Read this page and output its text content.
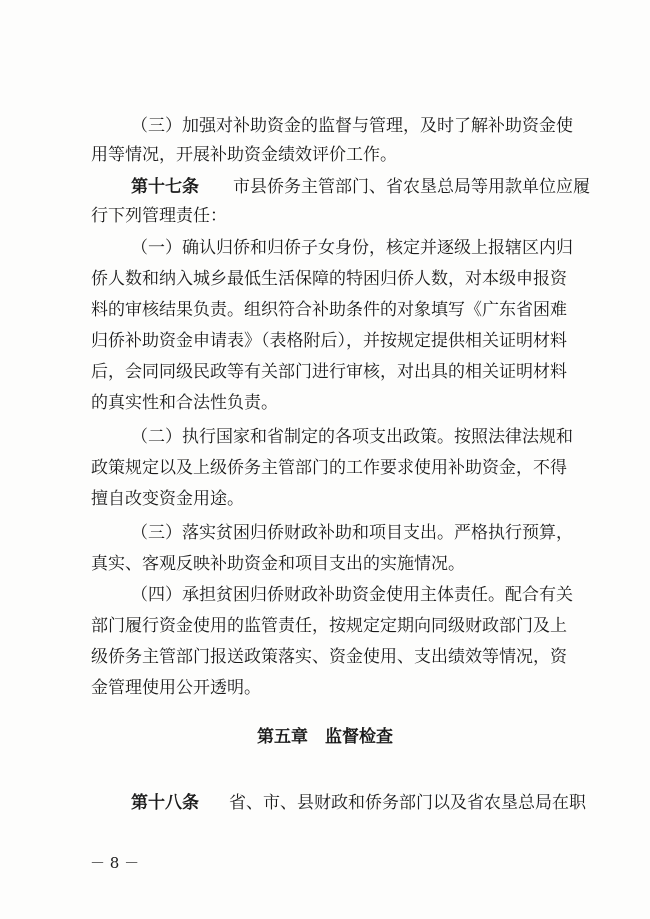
（三）加强对补助资金的监督与管理，及时了解补助资金使
用等情况，开展补助资金绩效评价工作。
第十七条 市县侨务主管部门、省农垦总局等用款单位应履
行下列管理责任：
（一）确认归侨和归侨子女身份，核定并逐级上报辖区内归
侨人数和纳入城乡最低生活保障的特困归侨人数，对本级申报资
料的审核结果负责。组织符合补助条件的对象填写《广东省困难
归侨补助资金申请表》（表格附后），并按规定提供相关证明材料
后，会同同级民政等有关部门进行审核，对出具的相关证明材料
的真实性和合法性负责。
（二）执行国家和省制定的各项支出政策。按照法律法规和
政策规定以及上级侨务主管部门的工作要求使用补助资金，不得
擅自改变资金用途。
（三）落实贫困归侨财政补助和项目支出。严格执行预算，
真实、客观反映补助资金和项目支出的实施情况。
（四）承担贫困归侨财政补助资金使用主体责任。配合有关
部门履行资金使用的监管责任，按规定定期向同级财政部门及上
级侨务主管部门报送政策落实、资金使用、支出绩效等情况，资
金管理使用公开透明。
第五章　监督检查
第十八条 省、市、县财政和侨务部门以及省农垦总局在职
－ 8 －
